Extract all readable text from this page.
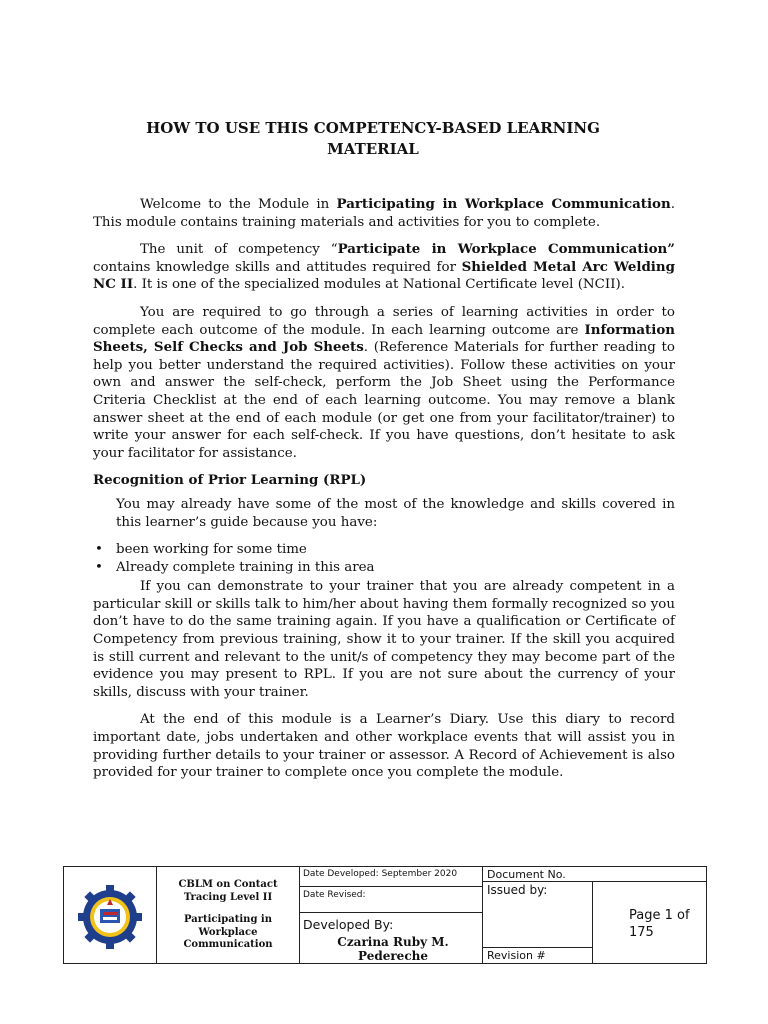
HOW TO USE THIS COMPETENCY-BASED LEARNING
MATERIAL

Welcome to the Module in Participating in Workplace Communication. This module contains training materials and activities for you to complete.

The unit of competency “Participate in Workplace Communication” contains knowledge skills and attitudes required for Shielded Metal Arc Welding NC II. It is one of the specialized modules at National Certificate level (NCII).

You are required to go through a series of learning activities in order to complete each outcome of the module. In each learning outcome are Information Sheets, Self Checks and Job Sheets. (Reference Materials for further reading to help you better understand the required activities). Follow these activities on your own and answer the self-check, perform the Job Sheet using the Performance Criteria Checklist at the end of each learning outcome. You may remove a blank answer sheet at the end of each module (or get one from your facilitator/trainer) to write your answer for each self-check. If you have questions, don’t hesitate to ask your facilitator for assistance.

Recognition of Prior Learning (RPL)

You may already have some of the most of the knowledge and skills covered in this learner’s guide because you have:

• been working for some time
• Already complete training in this area

If you can demonstrate to your trainer that you are already competent in a particular skill or skills talk to him/her about having them formally recognized so you don’t have to do the same training again. If you have a qualification or Certificate of Competency from previous training, show it to your trainer. If the skill you acquired is still current and relevant to the unit/s of competency they may become part of the evidence you may present to RPL. If you are not sure about the currency of your skills, discuss with your trainer.

At the end of this module is a Learner’s Diary. Use this diary to record important date, jobs undertaken and other workplace events that will assist you in providing further details to your trainer or assessor. A Record of Achievement is also provided for your trainer to complete once you complete the module.

CBLM on Contact
Tracing Level II
Participating in
Workplace
Communication
Date Developed: September 2020
Date Revised:
Developed By:
Czarina Ruby M.
Pedereche
Document No.
Issued by:
Revision #
Page 1 of
175
